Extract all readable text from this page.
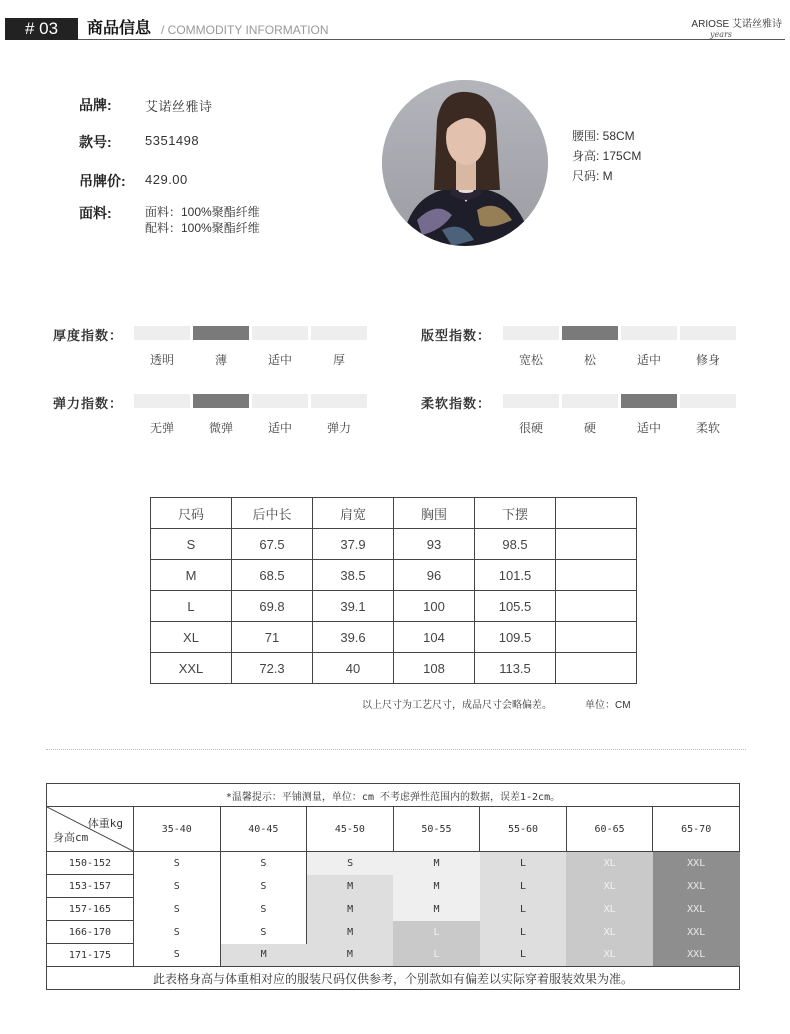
# 03	商品信息 / COMMODITY INFORMATION	ARIOSE 艾诺丝雅诗
years
品牌:	艾诺丝雅诗
款号:	5351498
吊牌价: 429.00
面料:	面料：100%聚酯纤维
配料：100%聚酯纤维
腰围: 58CM
身高: 175CM
尺码: M
厚度指数：
透明	薄	适中	厚
版型指数：
宽松	松	适中	修身
弹力指数：
无弹	微弹	适中	弹力
柔软指数：
很硬	硬	适中	柔软
尺码	后中长	肩宽	胸围	下摆	
S	67.5	37.9	93	98.5	
M	68.5	38.5	96	101.5	
L	69.8	39.1	100	105.5	
XL	71	39.6	104	109.5	
XXL	72.3	40	108	113.5	
以上尺寸为工艺尺寸，成品尺寸会略偏差。	单位：CM
*温馨提示：平铺测量，单位：cm 不考虑弹性范围内的数据，误差1-2cm。							

体重kg
身高cm	35-40	40-45	45-50	50-55	55-60	60-65	65-70
150-152	S	S	S	M	L	XL	XXL
153-157	S	S	M	M	L	XL	XXL
157-165	S	S	M	M	L	XL	XXL
166-170	S	S	M	L	L	XL	XXL
171-175	S	M	M	L	L	XL	XXL
此表格身高与体重相对应的服装尺码仅供参考，个别款如有偏差以实际穿着服装效果为准。							
